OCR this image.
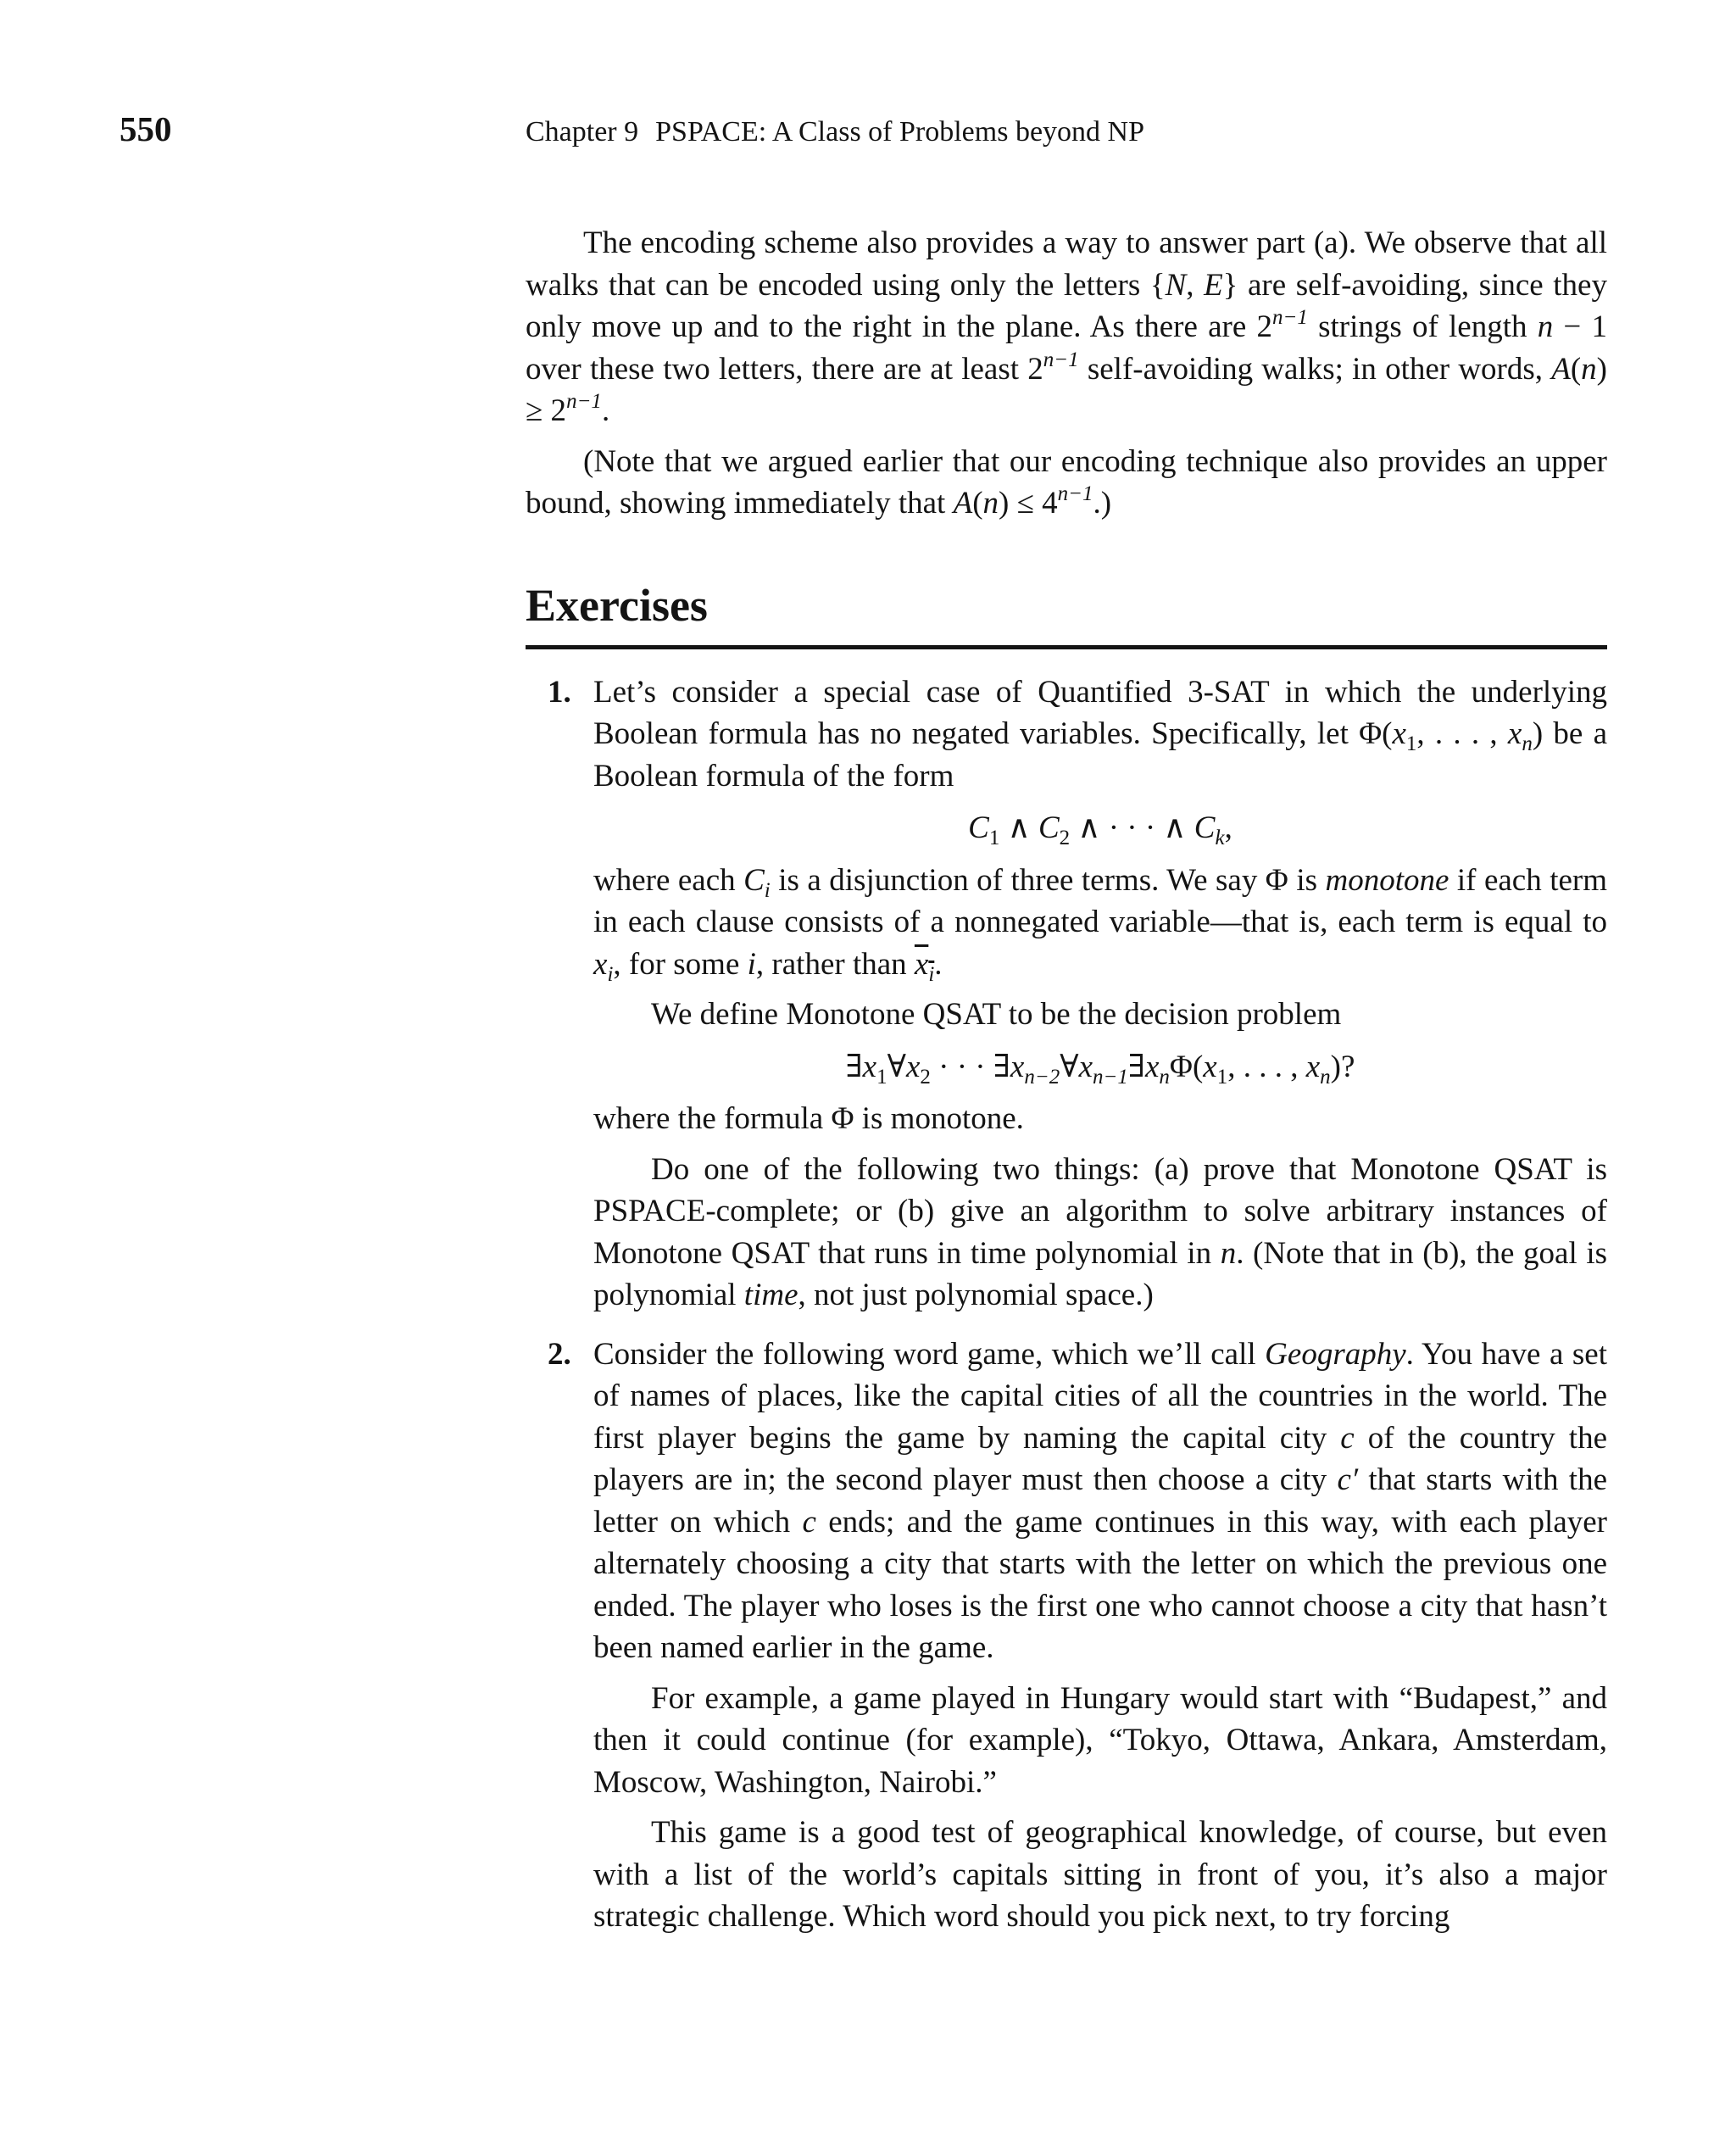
550	Chapter 9 PSPACE: A Class of Problems beyond NP

The encoding scheme also provides a way to answer part (a). We observe that all walks that can be encoded using only the letters {N, E} are self-avoiding, since they only move up and to the right in the plane. As there are $2^{n-1}$ strings of length n − 1 over these two letters, there are at least $2^{n-1}$ self-avoiding walks; in other words, $A(n) \ge 2^{n-1}$.

(Note that we argued earlier that our encoding technique also provides an upper bound, showing immediately that $A(n) \le 4^{n-1}$.)

Exercises
1. Let’s consider a special case of Quantified 3-SAT in which the underlying Boolean formula has no negated variables. Specifically, let $\Phi(x_1$, . . . , $x_n$) be a Boolean formula of the form

$C_1$ ∧ $C_2$ ∧ · · · ∧ $C_k$,

where each $C_i$ is a disjunction of three terms. We say Φ is monotone if each term in each clause consists of a nonnegated variable—that is, each term is equal to $x_i$, for some i, rather than $x_i$.

We define Monotone QSAT to be the decision problem

$\exists x_1\forall x_2$ · · · $\exists x_{n-2}\forall x_{n-1}\exists x_n\Phi(x_1$, . . . , $x_n$)?

where the formula Φ is monotone.

Do one of the following two things: (a) prove that Monotone QSAT is PSPACE-complete; or (b) give an algorithm to solve arbitrary instances of Monotone QSAT that runs in time polynomial in n. (Note that in (b), the goal is polynomial time, not just polynomial space.)

2. Consider the following word game, which we’ll call Geography. You have a set of names of places, like the capital cities of all the countries in the world. The first player begins the game by naming the capital city c of the country the players are in; the second player must then choose a city c′ that starts with the letter on which c ends; and the game continues in this way, with each player alternately choosing a city that starts with the letter on which the previous one ended. The player who loses is the first one who cannot choose a city that hasn’t been named earlier in the game.

For example, a game played in Hungary would start with “Budapest,” and then it could continue (for example), “Tokyo, Ottawa, Ankara, Amsterdam, Moscow, Washington, Nairobi.”

This game is a good test of geographical knowledge, of course, but even with a list of the world’s capitals sitting in front of you, it’s also a major strategic challenge. Which word should you pick next, to try forcing
